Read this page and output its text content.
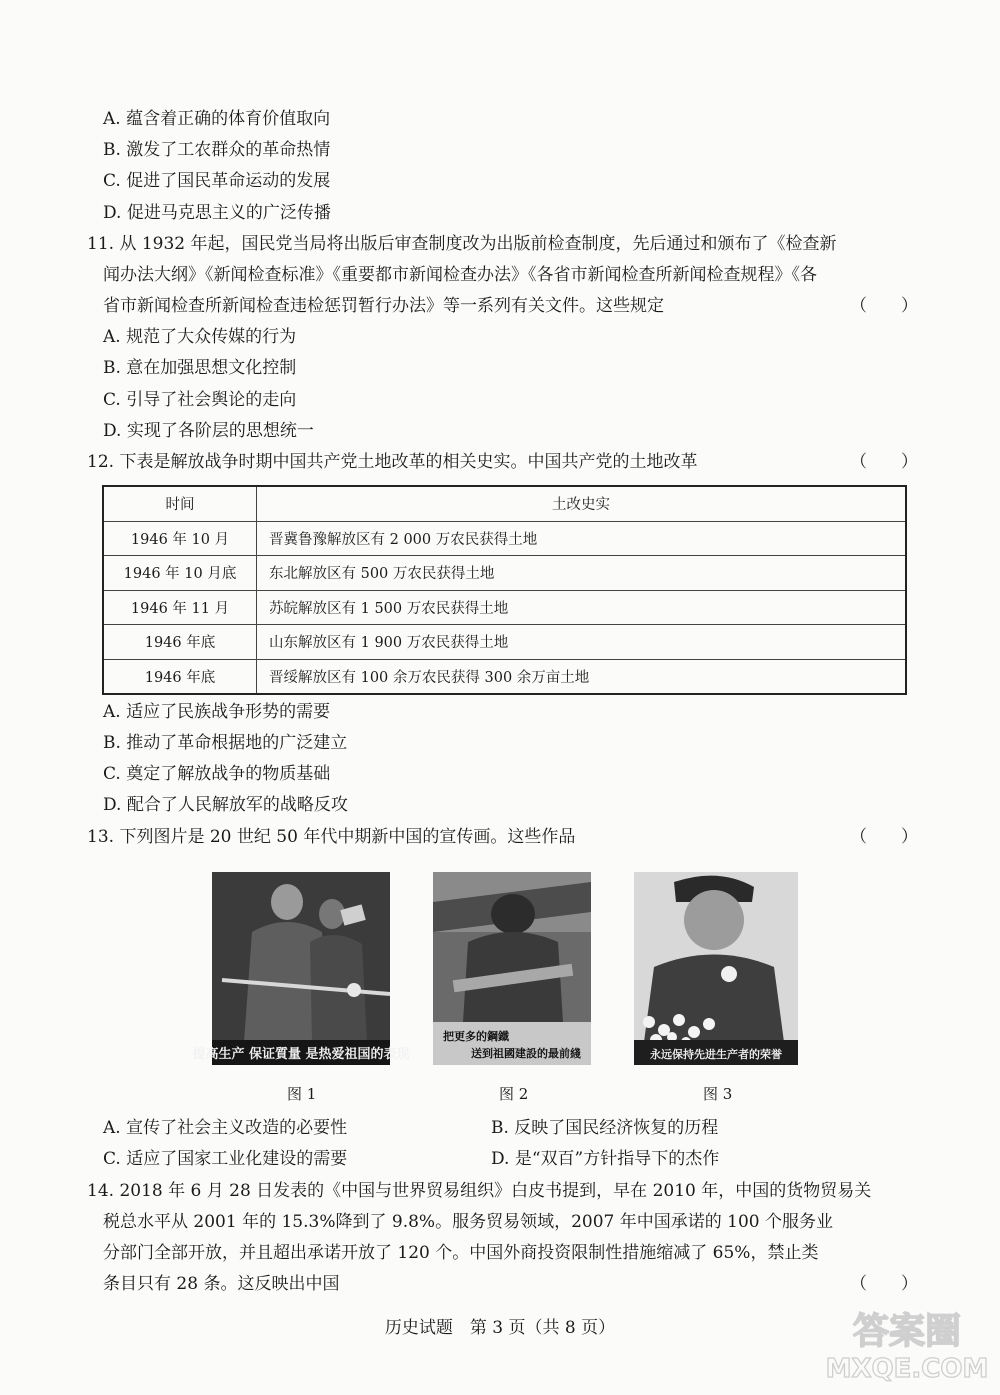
A. 蕴含着正确的体育价值取向
B. 激发了工农群众的革命热情
C. 促进了国民革命运动的发展
D. 促进马克思主义的广泛传播
11. 从 1932 年起，国民党当局将出版后审查制度改为出版前检查制度，先后通过和颁布了《检查新
闻办法大纲》《新闻检查标准》《重要都市新闻检查办法》《各省市新闻检查所新闻检查规程》《各
省市新闻检查所新闻检查违检惩罚暂行办法》等一系列有关文件。这些规定	（　　）
A. 规范了大众传媒的行为
B. 意在加强思想文化控制
C. 引导了社会舆论的走向
D. 实现了各阶层的思想统一
12. 下表是解放战争时期中国共产党土地改革的相关史实。中国共产党的土地改革	（　　）
时间	土改史实
1946 年 10 月	晋冀鲁豫解放区有 2 000 万农民获得土地
1946 年 10 月底	东北解放区有 500 万农民获得土地
1946 年 11 月	苏皖解放区有 1 500 万农民获得土地
1946 年底	山东解放区有 1 900 万农民获得土地
1946 年底	晋绥解放区有 100 余万农民获得 300 余万亩土地
A. 适应了民族战争形势的需要
B. 推动了革命根据地的广泛建立
C. 奠定了解放战争的物质基础
D. 配合了人民解放军的战略反攻
13. 下列图片是 20 世纪 50 年代中期新中国的宣传画。这些作品	（　　）
提高生产 保证質量 是热爱祖国的表现
把更多的鋼鐵
送到祖國建設的最前綫	永远保持先进生产者的荣誉
图 1	图 2	图 3
A. 宣传了社会主义改造的必要性	B. 反映了国民经济恢复的历程
C. 适应了国家工业化建设的需要	D. 是“双百”方针指导下的杰作
14. 2018 年 6 月 28 日发表的《中国与世界贸易组织》白皮书提到，早在 2010 年，中国的货物贸易关
税总水平从 2001 年的 15.3%降到了 9.8%。服务贸易领域，2007 年中国承诺的 100 个服务业
分部门全部开放，并且超出承诺开放了 120 个。中国外商投资限制性措施缩减了 65%，禁止类
条目只有 28 条。这反映出中国	（　　）
历史试题　第 3 页（共 8 页）	答案圈
MXQE.COM
